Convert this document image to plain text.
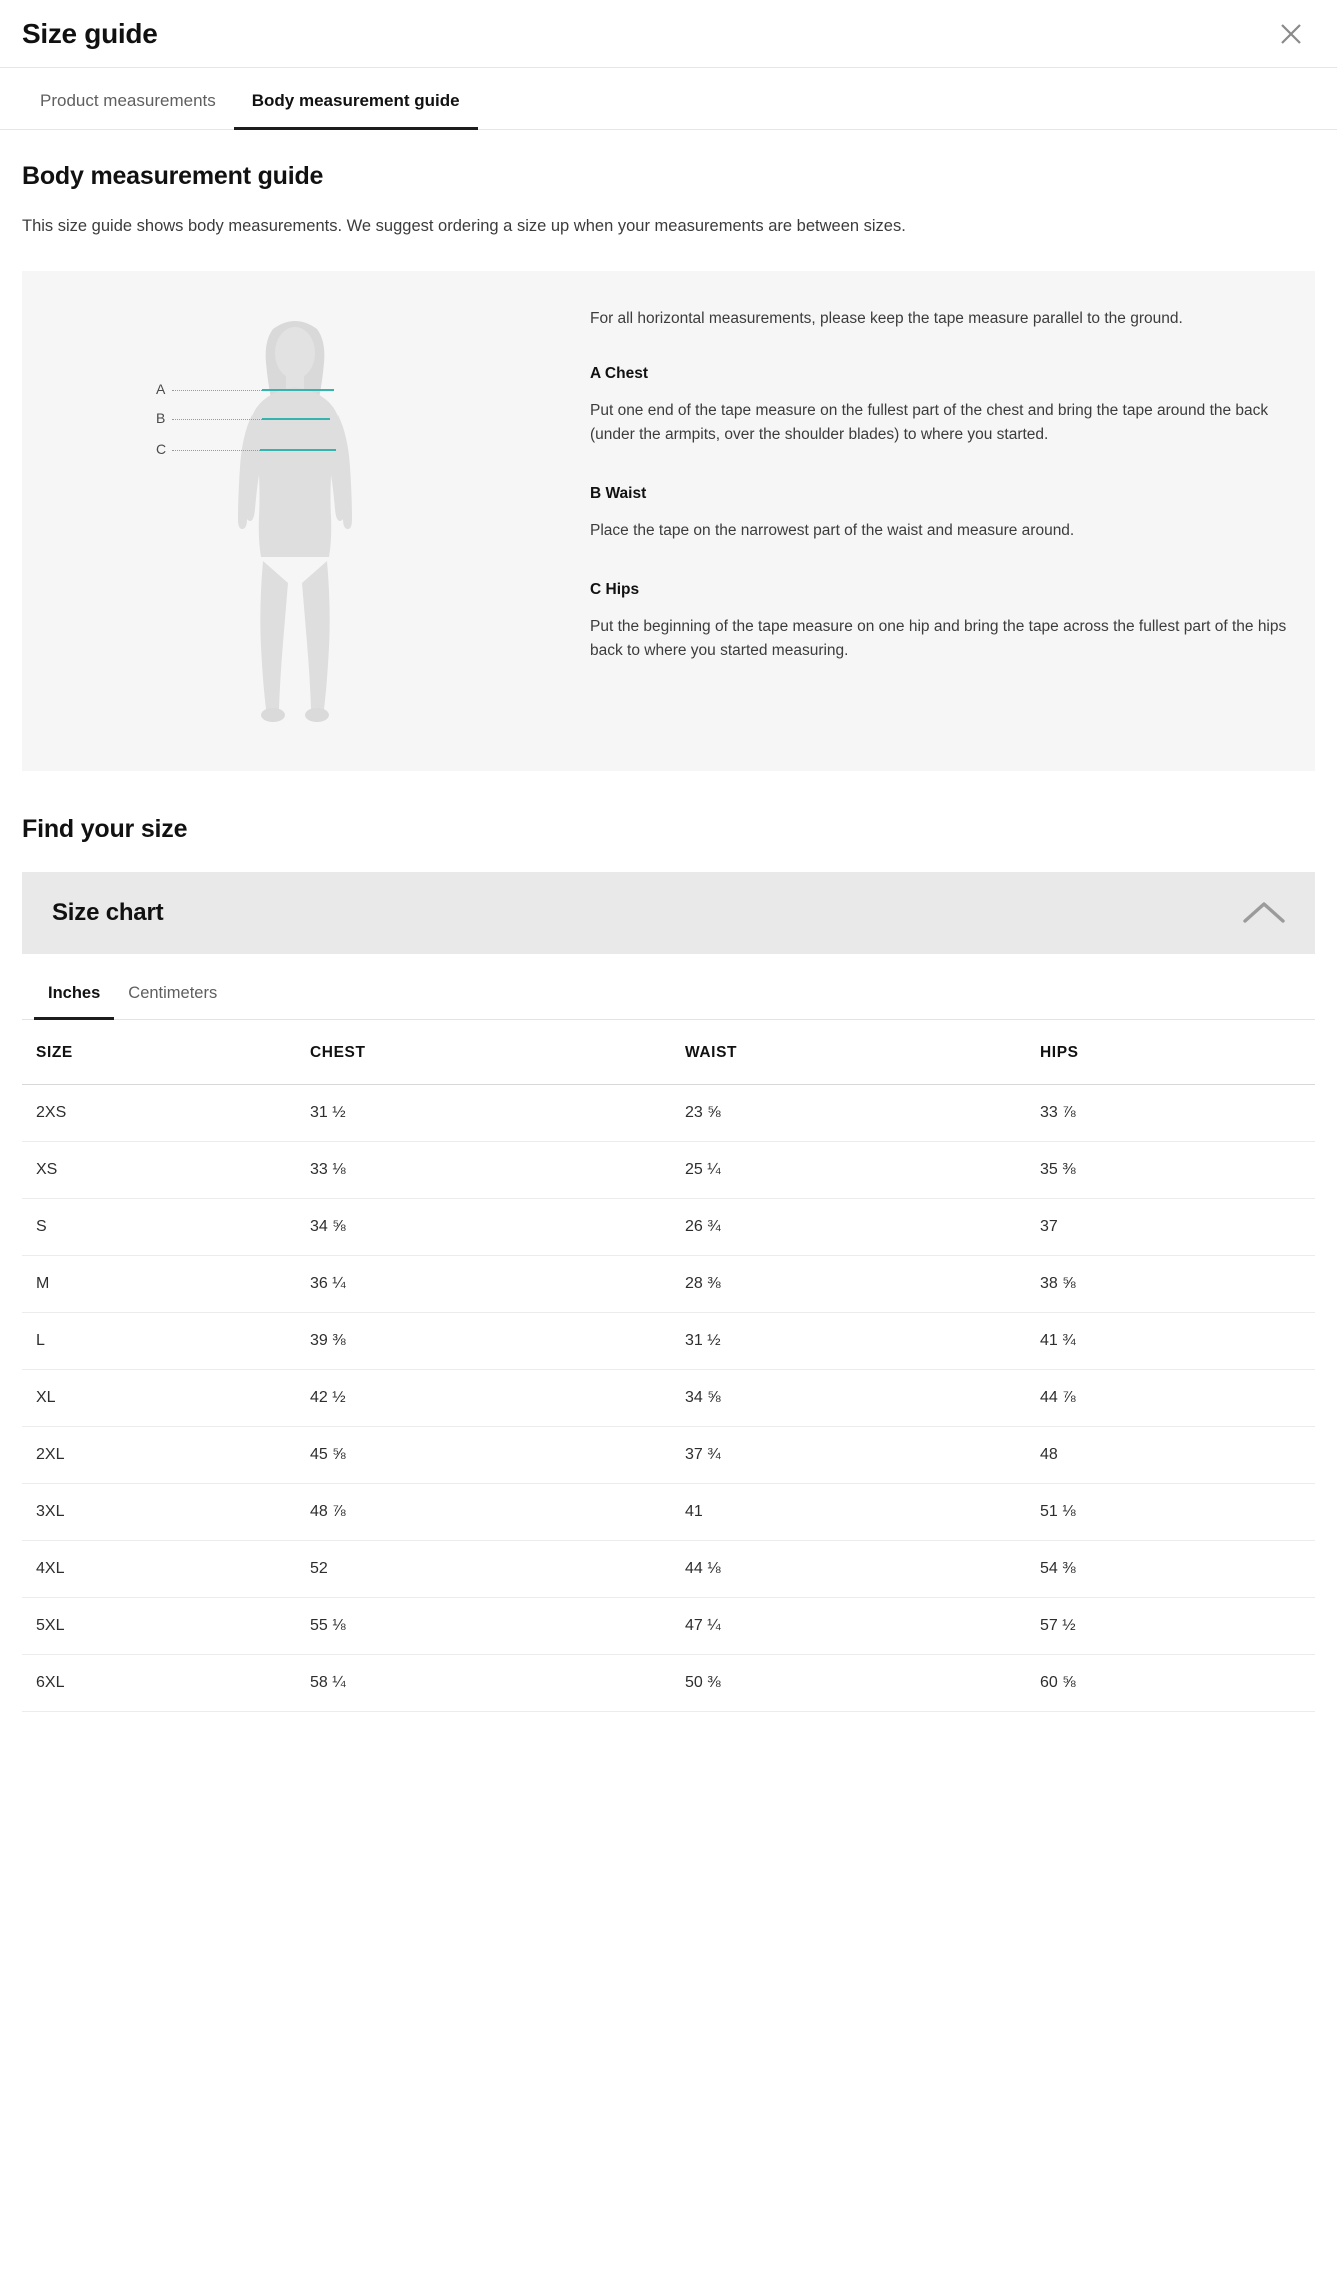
Size guide
Product measurements	Body measurement guide
Body measurement guide

This size guide shows body measurements. We suggest ordering a size up when your measurements are between sizes.

A
B
C

For all horizontal measurements, please keep the tape measure parallel to the ground.

A Chest

Put one end of the tape measure on the fullest part of the chest and bring the tape around the back (under the armpits, over the shoulder blades) to where you started.

B Waist

Place the tape on the narrowest part of the waist and measure around.

C Hips

Put the beginning of the tape measure on one hip and bring the tape across the fullest part of the hips back to where you started measuring.

Find your size
Size chart
Inches	Centimeters
SIZE	CHEST	WAIST	HIPS
2XS	31 ½	23 ⅝	33 ⅞
XS	33 ⅛	25 ¼	35 ⅜
S	34 ⅝	26 ¾	37
M	36 ¼	28 ⅜	38 ⅝
L	39 ⅜	31 ½	41 ¾
XL	42 ½	34 ⅝	44 ⅞
2XL	45 ⅝	37 ¾	48
3XL	48 ⅞	41	51 ⅛
4XL	52	44 ⅛	54 ⅜
5XL	55 ⅛	47 ¼	57 ½
6XL	58 ¼	50 ⅜	60 ⅝
